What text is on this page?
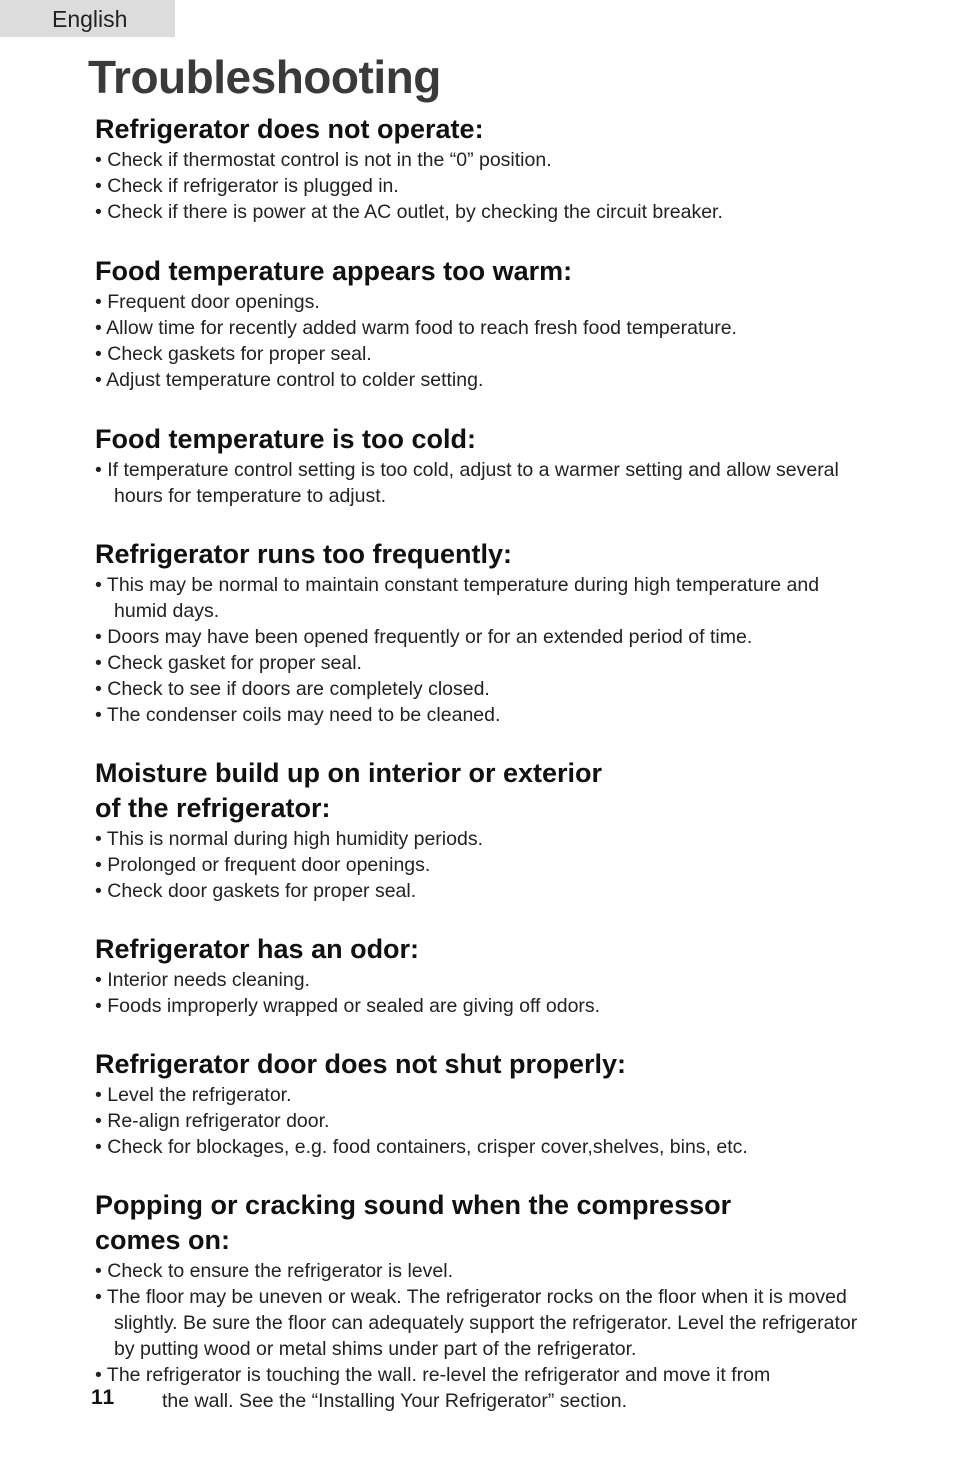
English
Troubleshooting
Refrigerator does not operate:
• Check if thermostat control is not in the “0” position.
• Check if refrigerator is plugged in.
• Check if there is power at the AC outlet, by checking the circuit breaker.
Food temperature appears too warm:
• Frequent door openings.
• Allow time for recently added warm food to reach fresh food temperature.
• Check gaskets for proper seal.
• Adjust temperature control to colder setting.
Food temperature is too cold:
• If temperature control setting is too cold, adjust to a warmer setting and allow several hours for temperature to adjust.
Refrigerator runs too frequently:
• This may be normal to maintain constant temperature during high temperature and humid days.
• Doors may have been opened frequently or for an extended period of time.
• Check gasket for proper seal.
• Check to see if doors are completely closed.
• The condenser coils may need to be cleaned.
Moisture build up on interior or exterior
of the refrigerator:
• This is normal during high humidity periods.
• Prolonged or frequent door openings.
• Check door gaskets for proper seal.
Refrigerator has an odor:
• Interior needs cleaning.
• Foods improperly wrapped or sealed are giving off odors.
Refrigerator door does not shut properly:
• Level the refrigerator.
• Re-align refrigerator door.
• Check for blockages, e.g. food containers, crisper cover,shelves, bins, etc.
Popping or cracking sound when the compressor
comes on:
• Check to ensure the refrigerator is level.
• The floor may be uneven or weak. The refrigerator rocks on the floor when it is moved slightly. Be sure the floor can adequately support the refrigerator. Level the refrigerator by putting wood or metal shims under part of the refrigerator.
• The refrigerator is touching the wall. re-level the refrigerator and move it from
the wall. See the “Installing Your Refrigerator” section.
11
